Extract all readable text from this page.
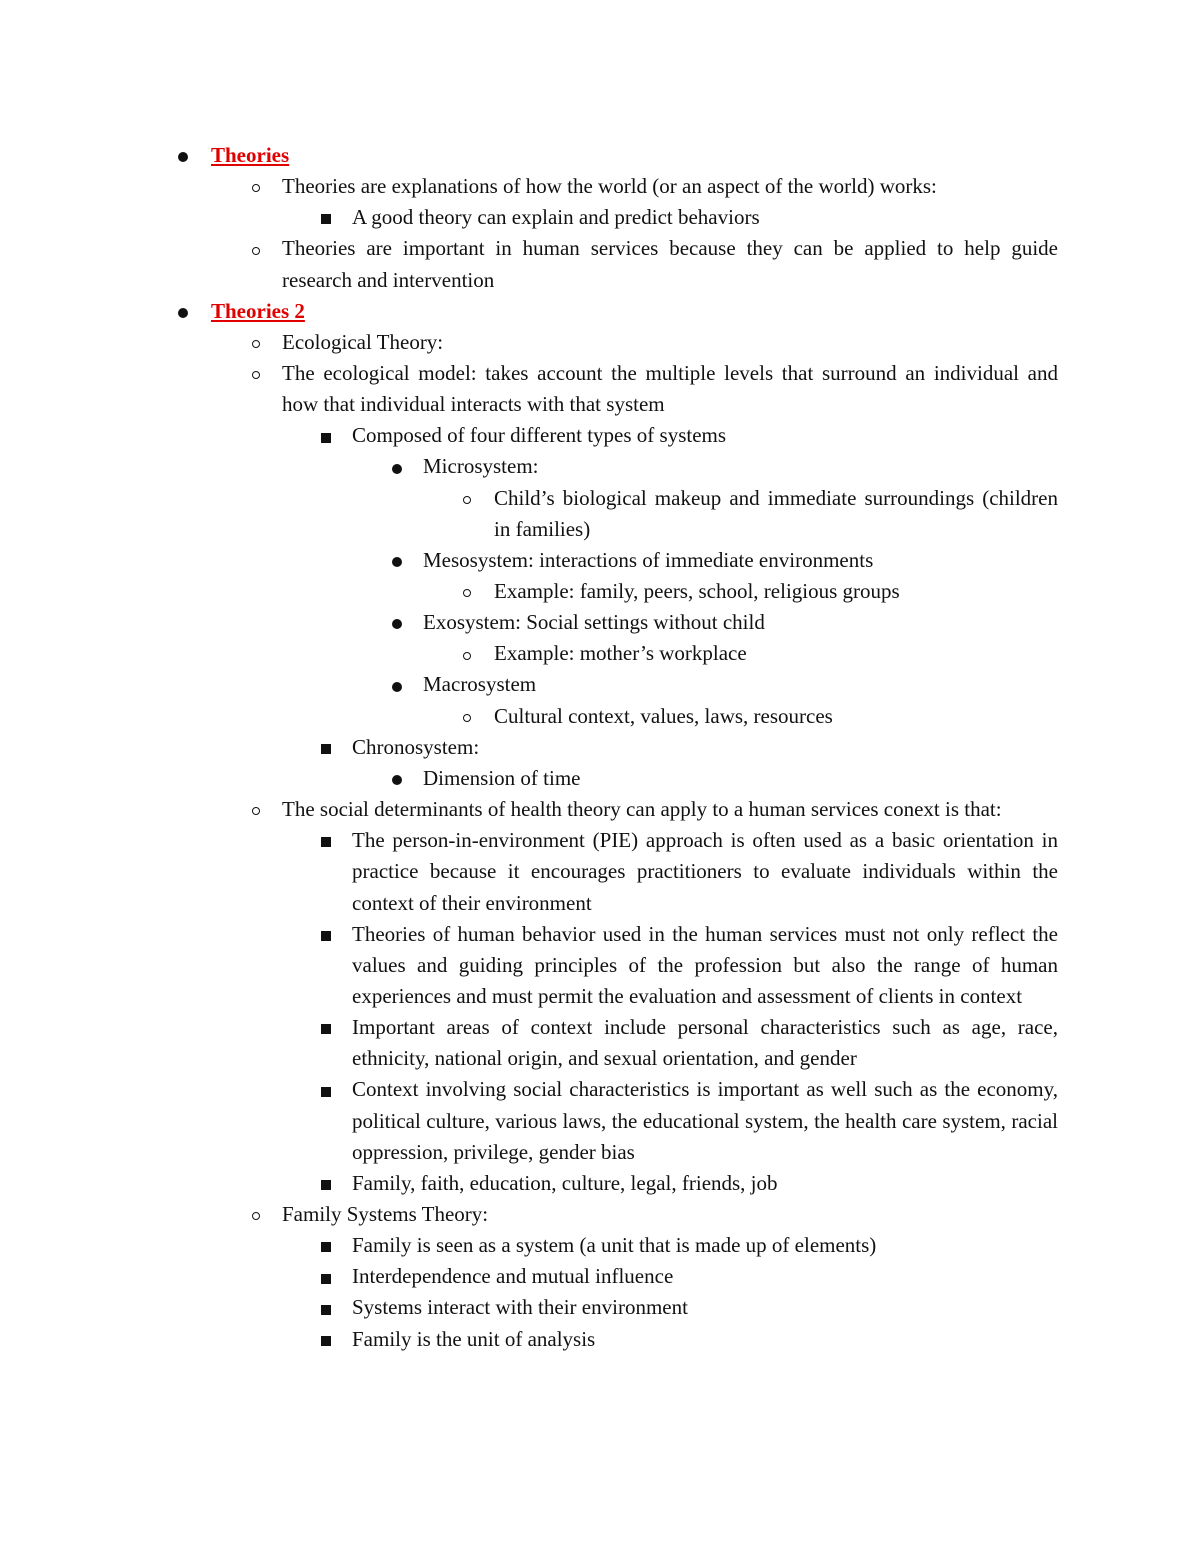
Theories
Theories are explanations of how the world (or an aspect of the world) works:
A good theory can explain and predict behaviors
Theories are important in human services because they can be applied to help guide research and intervention
Theories 2
Ecological Theory:
The ecological model: takes account the multiple levels that surround an individual and how that individual interacts with that system
Composed of four different types of systems
Microsystem:
Child’s biological makeup and immediate surroundings (children in families)
Mesosystem: interactions of immediate environments
Example: family, peers, school, religious groups
Exosystem: Social settings without child
Example: mother’s workplace
Macrosystem
Cultural context, values, laws, resources
Chronosystem:
Dimension of time
The social determinants of health theory can apply to a human services conext is that:
The person-in-environment (PIE) approach is often used as a basic orientation in practice because it encourages practitioners to evaluate individuals within the context of their environment
Theories of human behavior used in the human services must not only reflect the values and guiding principles of the profession but also the range of human experiences and must permit the evaluation and assessment of clients in context
Important areas of context include personal characteristics such as age, race, ethnicity, national origin, and sexual orientation, and gender
Context involving social characteristics is important as well such as the economy, political culture, various laws, the educational system, the health care system, racial oppression, privilege, gender bias
Family, faith, education, culture, legal, friends, job
Family Systems Theory:
Family is seen as a system (a unit that is made up of elements)
Interdependence and mutual influence
Systems interact with their environment
Family is the unit of analysis
